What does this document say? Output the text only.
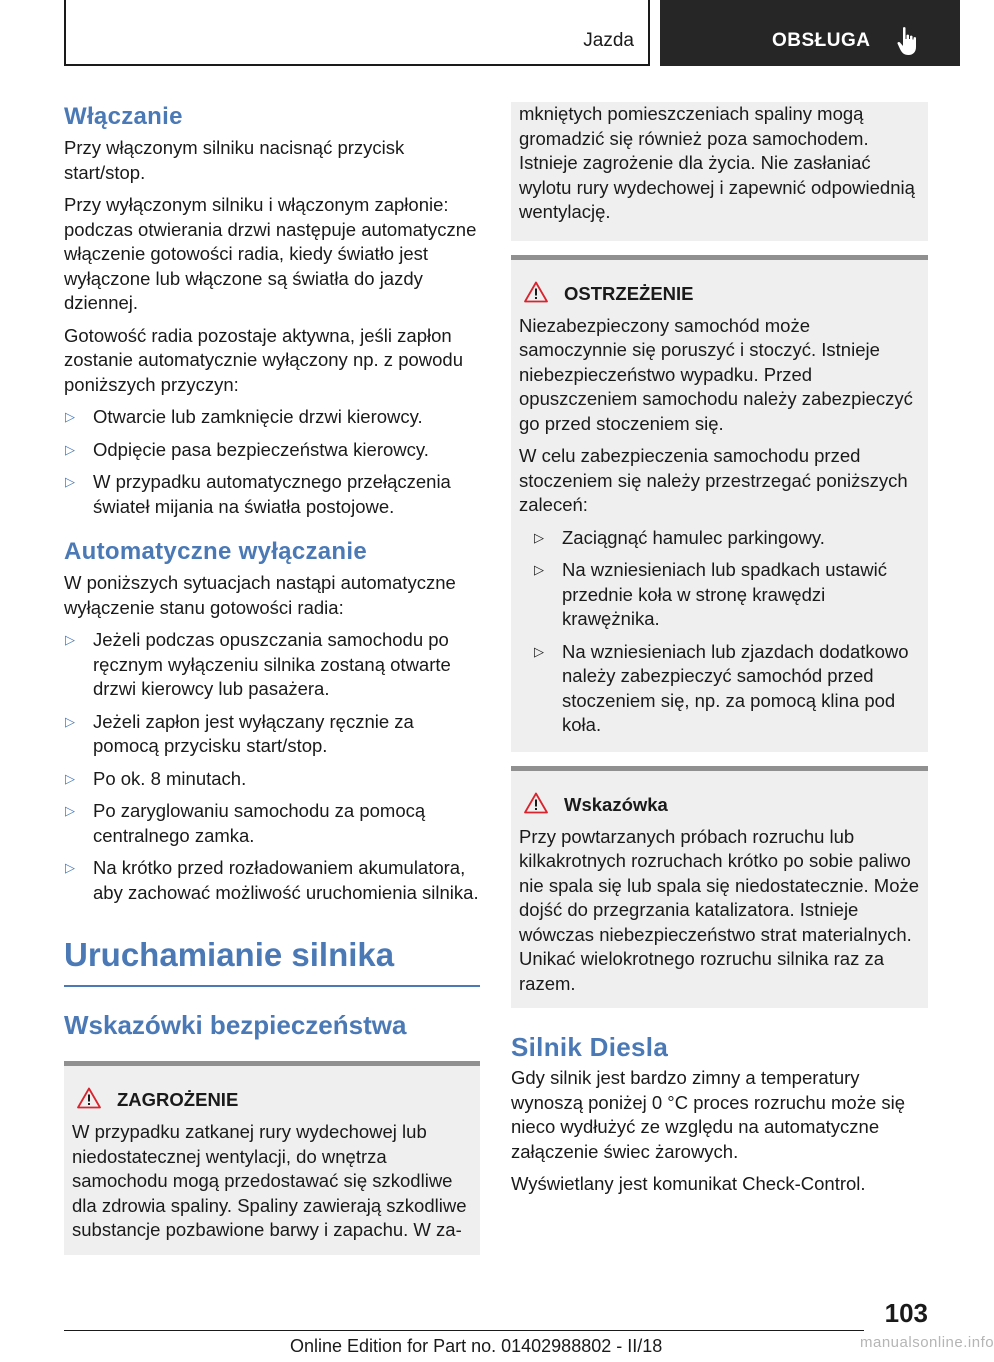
Jazda	OBSŁUGA
Włączanie

Przy włączonym silniku nacisnąć przycisk start/stop.

Przy wyłączonym silniku i włączonym zapłonie: podczas otwierania drzwi następuje automatyczne włączenie gotowości radia, kiedy światło jest wyłączone lub włączone są światła do jazdy dziennej.

Gotowość radia pozostaje aktywna, jeśli zapłon zostanie automatycznie wyłączony np. z powodu poniższych przyczyn:

▷ Otwarcie lub zamknięcie drzwi kierowcy.
▷ Odpięcie pasa bezpieczeństwa kierowcy.
▷ W przypadku automatycznego przełączenia świateł mijania na światła postojowe.
Automatyczne wyłączanie

W poniższych sytuacjach nastąpi automatyczne wyłączenie stanu gotowości radia:

▷ Jeżeli podczas opuszczania samochodu po ręcznym wyłączeniu silnika zostaną otwarte drzwi kierowcy lub pasażera.
▷ Jeżeli zapłon jest wyłączany ręcznie za pomocą przycisku start/stop.
▷ Po ok. 8 minutach.
▷ Po zaryglowaniu samochodu za pomocą centralnego zamka.
▷ Na krótko przed rozładowaniem akumulatora, aby zachować możliwość uruchomienia silnika.
Uruchamianie silnika
Wskazówki bezpieczeństwa
ZAGROŻENIE

W przypadku zatkanej rury wydechowej lub niedostatecznej wentylacji, do wnętrza samochodu mogą przedostawać się szkodliwe dla zdrowia spaliny. Spaliny zawierają szkodliwe substancje pozbawione barwy i zapachu. W za-

mkniętych pomieszczeniach spaliny mogą gromadzić się również poza samochodem. Istnieje zagrożenie dla życia. Nie zasłaniać wylotu rury wydechowej i zapewnić odpowiednią wentylację.

OSTRZEŻENIE

Niezabezpieczony samochód może samoczynnie się poruszyć i stoczyć. Istnieje niebezpieczeństwo wypadku. Przed opuszczeniem samochodu należy zabezpieczyć go przed stoczeniem się.

W celu zabezpieczenia samochodu przed stoczeniem się należy przestrzegać poniższych zaleceń:

▷ Zaciągnąć hamulec parkingowy.
▷ Na wzniesieniach lub spadkach ustawić przednie koła w stronę krawędzi krawężnika.
▷ Na wzniesieniach lub zjazdach dodatkowo należy zabezpieczyć samochód przed stoczeniem się, np. za pomocą klina pod koła.
Wskazówka

Przy powtarzanych próbach rozruchu lub kilkakrotnych rozruchach krótko po sobie paliwo nie spala się lub spala się niedostatecznie. Może dojść do przegrzania katalizatora. Istnieje wówczas niebezpieczeństwo strat materialnych. Unikać wielokrotnego rozruchu silnika raz za razem.

Silnik Diesla

Gdy silnik jest bardzo zimny a temperatury wynoszą poniżej 0 °C proces rozruchu może się nieco wydłużyć ze względu na automatyczne załączenie świec żarowych.

Wyświetlany jest komunikat Check-Control.

103
Online Edition for Part no. 01402988802 - II/18	manualsonline.info
